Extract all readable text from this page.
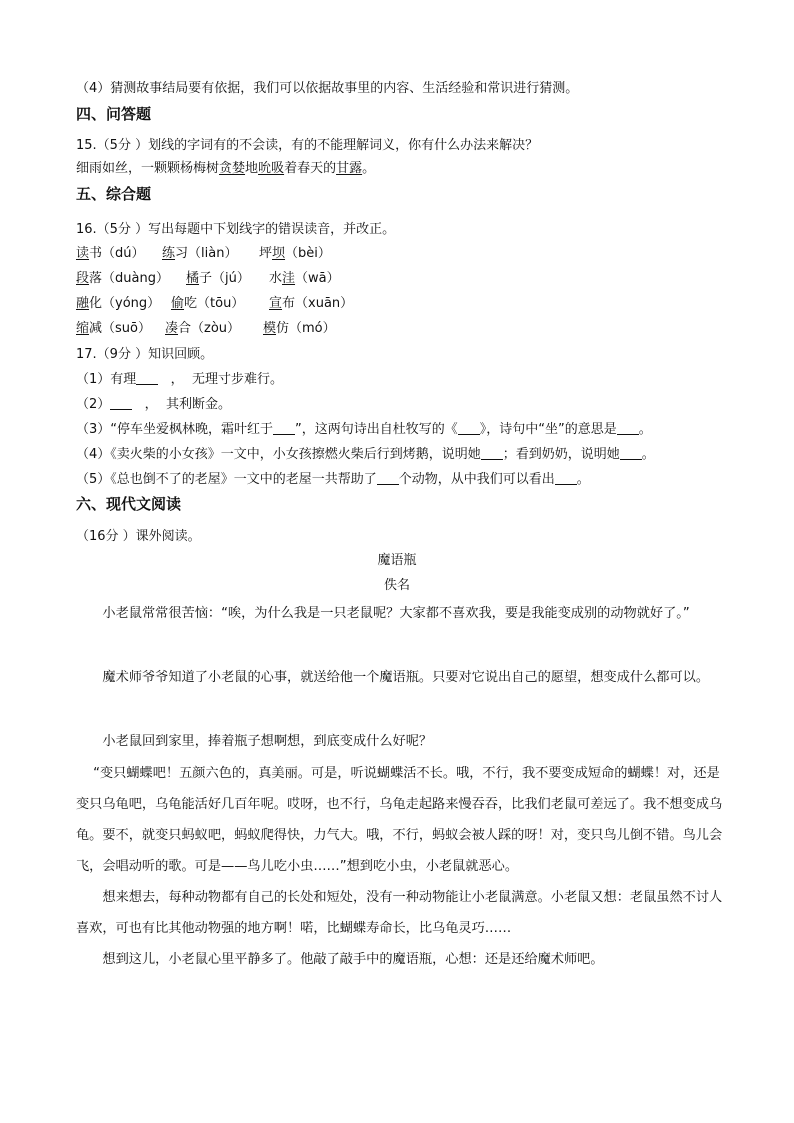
（4）猜测故事结局要有依据，我们可以依据故事里的内容、生活经验和常识进行猜测。
四、问答题
15.（5分 ）划线的字词有的不会读，有的不能理解词义，你有什么办法来解决？
细雨如丝，一颗颗杨梅树贪婪地吮吸着春天的甘露。
五、综合题
16.（5分 ）写出每题中下划线字的错误读音，并改正。
读书（dú） 练习（liàn） 坪坝（bèi）
段落（duàng） 橘子（jú） 水洼（wā）
融化（yóng） 偷吃（tōu） 宣布（xuān）
缩减（suō） 凑合（zòu） 模仿（mó）
17.（9分 ）知识回顾。
（1）有理   ，  无理寸步难行。
（2）   ，  其利断金。
（3）“停车坐爱枫林晚，霜叶红于 ”，这两句诗出自杜牧写的《 》，诗句中“坐”的意思是 。
（4）《卖火柴的小女孩》一文中，小女孩擦燃火柴后行到烤鹅，说明她 ；看到奶奶，说明她 。
（5）《总也倒不了的老屋》一文中的老屋一共帮助了 个动物，从中我们可以看出 。
六、现代文阅读
（16分 ）课外阅读。
魔语瓶
佚名
小老鼠常常很苦恼：“唉，为什么我是一只老鼠呢？大家都不喜欢我，要是我能变成别的动物就好了。”
魔术师爷爷知道了小老鼠的心事，就送给他一个魔语瓶。只要对它说出自己的愿望，想变成什么都可以。
小老鼠回到家里，捧着瓶子想啊想，到底变成什么好呢？
“变只蝴蝶吧！五颜六色的，真美丽。可是，听说蝴蝶活不长。哦，不行，我不要变成短命的蝴蝶！对，还是变只乌龟吧，乌龟能活好几百年呢。哎呀，也不行，乌龟走起路来慢吞吞，比我们老鼠可差远了。我不想变成乌龟。要不，就变只蚂蚁吧，蚂蚁爬得快，力气大。哦，不行，蚂蚁会被人踩的呀！对，变只鸟儿倒不错。鸟儿会飞，会唱动听的歌。可是——鸟儿吃小虫……”想到吃小虫，小老鼠就恶心。
想来想去，每种动物都有自己的长处和短处，没有一种动物能让小老鼠满意。小老鼠又想：老鼠虽然不讨人喜欢，可也有比其他动物强的地方啊！喏，比蝴蝶寿命长，比乌龟灵巧……
想到这儿，小老鼠心里平静多了。他敲了敲手中的魔语瓶，心想：还是还给魔术师吧。
